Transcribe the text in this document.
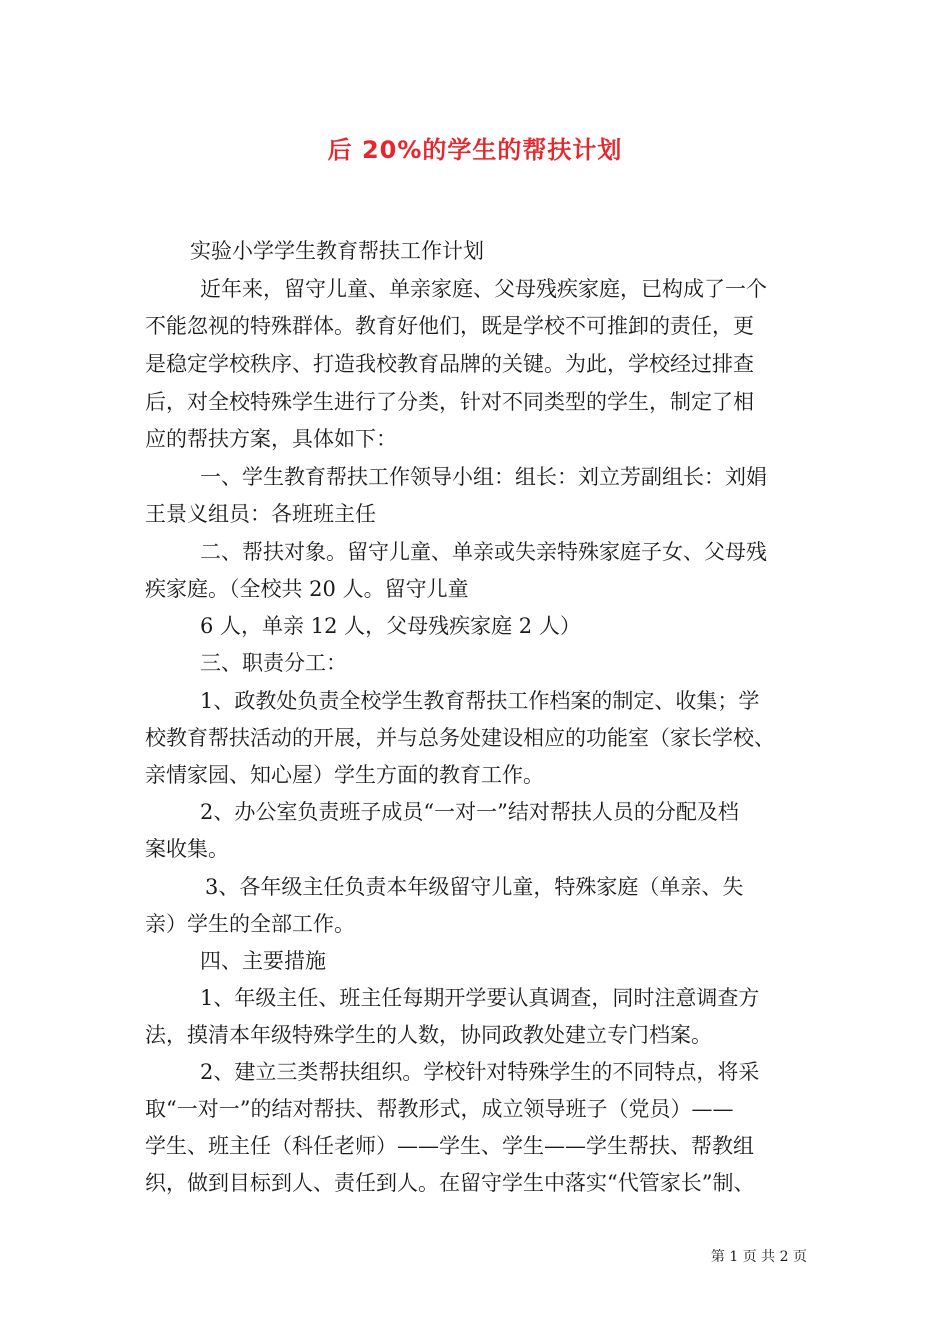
后 20%的学生的帮扶计划
实验小学学生教育帮扶工作计划
近年来，留守儿童、单亲家庭、父母残疾家庭，已构成了一个
不能忽视的特殊群体。教育好他们，既是学校不可推卸的责任，更
是稳定学校秩序、打造我校教育品牌的关键。为此，学校经过排查
后，对全校特殊学生进行了分类，针对不同类型的学生，制定了相
应的帮扶方案，具体如下：
一、学生教育帮扶工作领导小组：组长：刘立芳副组长：刘娟
王景义组员：各班班主任
二、帮扶对象。留守儿童、单亲或失亲特殊家庭子女、父母残
疾家庭。（全校共 20 人。留守儿童
6 人，单亲 12 人，父母残疾家庭 2 人）
三、职责分工：
1、政教处负责全校学生教育帮扶工作档案的制定、收集；学
校教育帮扶活动的开展，并与总务处建设相应的功能室（家长学校、
亲情家园、知心屋）学生方面的教育工作。
2、办公室负责班子成员“一对一”结对帮扶人员的分配及档
案收集。
3、各年级主任负责本年级留守儿童，特殊家庭（单亲、失
亲）学生的全部工作。
四、主要措施
1、年级主任、班主任每期开学要认真调查，同时注意调查方
法，摸清本年级特殊学生的人数，协同政教处建立专门档案。
2、建立三类帮扶组织。学校针对特殊学生的不同特点，将采
取“一对一”的结对帮扶、帮教形式，成立领导班子（党员）——
学生、班主任（科任老师）——学生、学生——学生帮扶、帮教组
织，做到目标到人、责任到人。在留守学生中落实“代管家长”制、
第 1 页 共 2 页
